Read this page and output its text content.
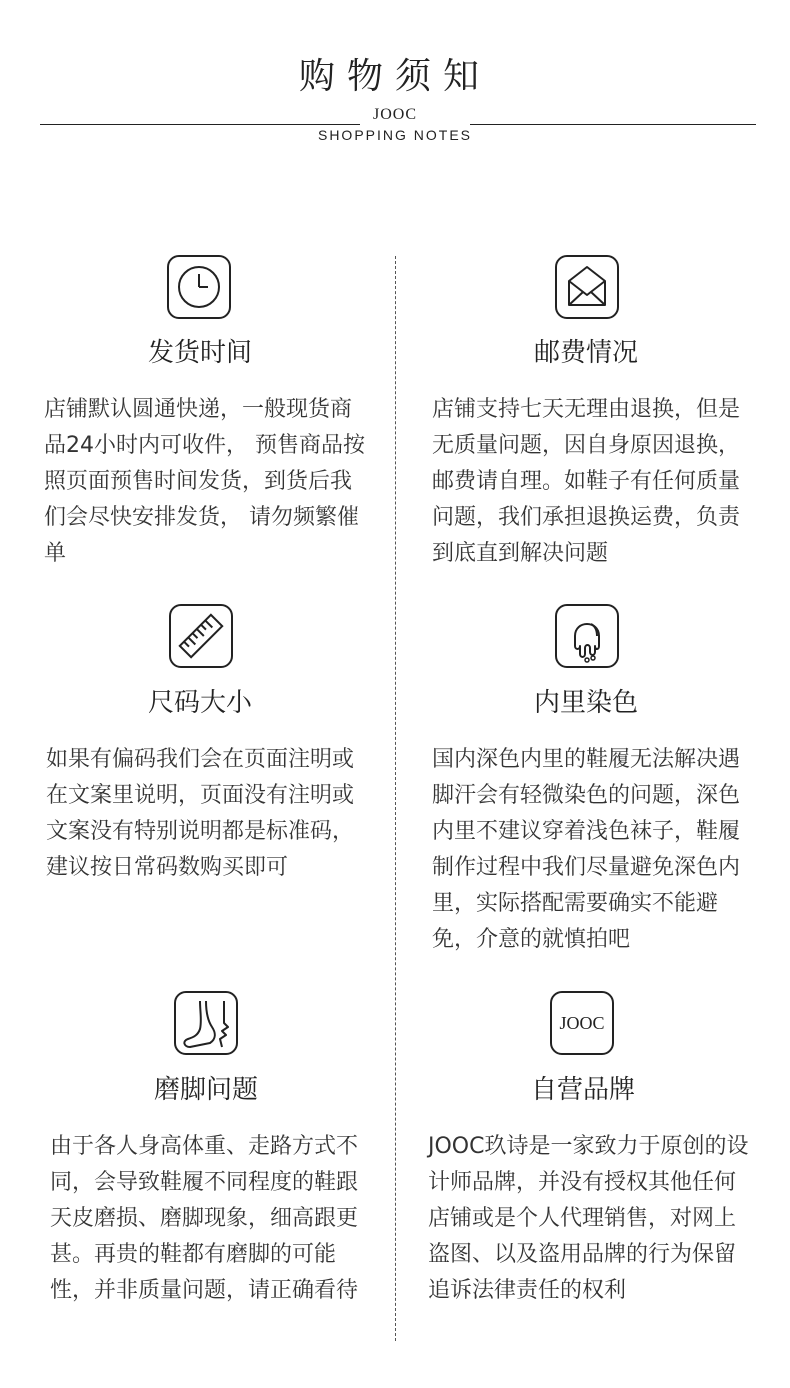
购物须知
JOOC
SHOPPING NOTES
发货时间

店铺默认圆通快递，一般现货商品24小时内可收件， 预售商品按照页面预售时间发货，到货后我们会尽快安排发货， 请勿频繁催单

邮费情况

店铺支持七天无理由退换，但是无质量问题，因自身原因退换，邮费请自理。如鞋子有任何质量问题，我们承担退换运费，负责到底直到解决问题

尺码大小

如果有偏码我们会在页面注明或在文案里说明，页面没有注明或文案没有特别说明都是标准码，建议按日常码数购买即可

内里染色

国内深色内里的鞋履无法解决遇脚汗会有轻微染色的问题，深色内里不建议穿着浅色袜子，鞋履制作过程中我们尽量避免深色内里，实际搭配需要确实不能避免，介意的就慎拍吧

磨脚问题

由于各人身高体重、走路方式不同，会导致鞋履不同程度的鞋跟天皮磨损、磨脚现象，细高跟更甚。再贵的鞋都有磨脚的可能性，并非质量问题，请正确看待

JOOC
自营品牌

JOOC玖诗是一家致力于原创的设计师品牌，并没有授权其他任何店铺或是个人代理销售，对网上盗图、以及盗用品牌的行为保留追诉法律责任的权利
